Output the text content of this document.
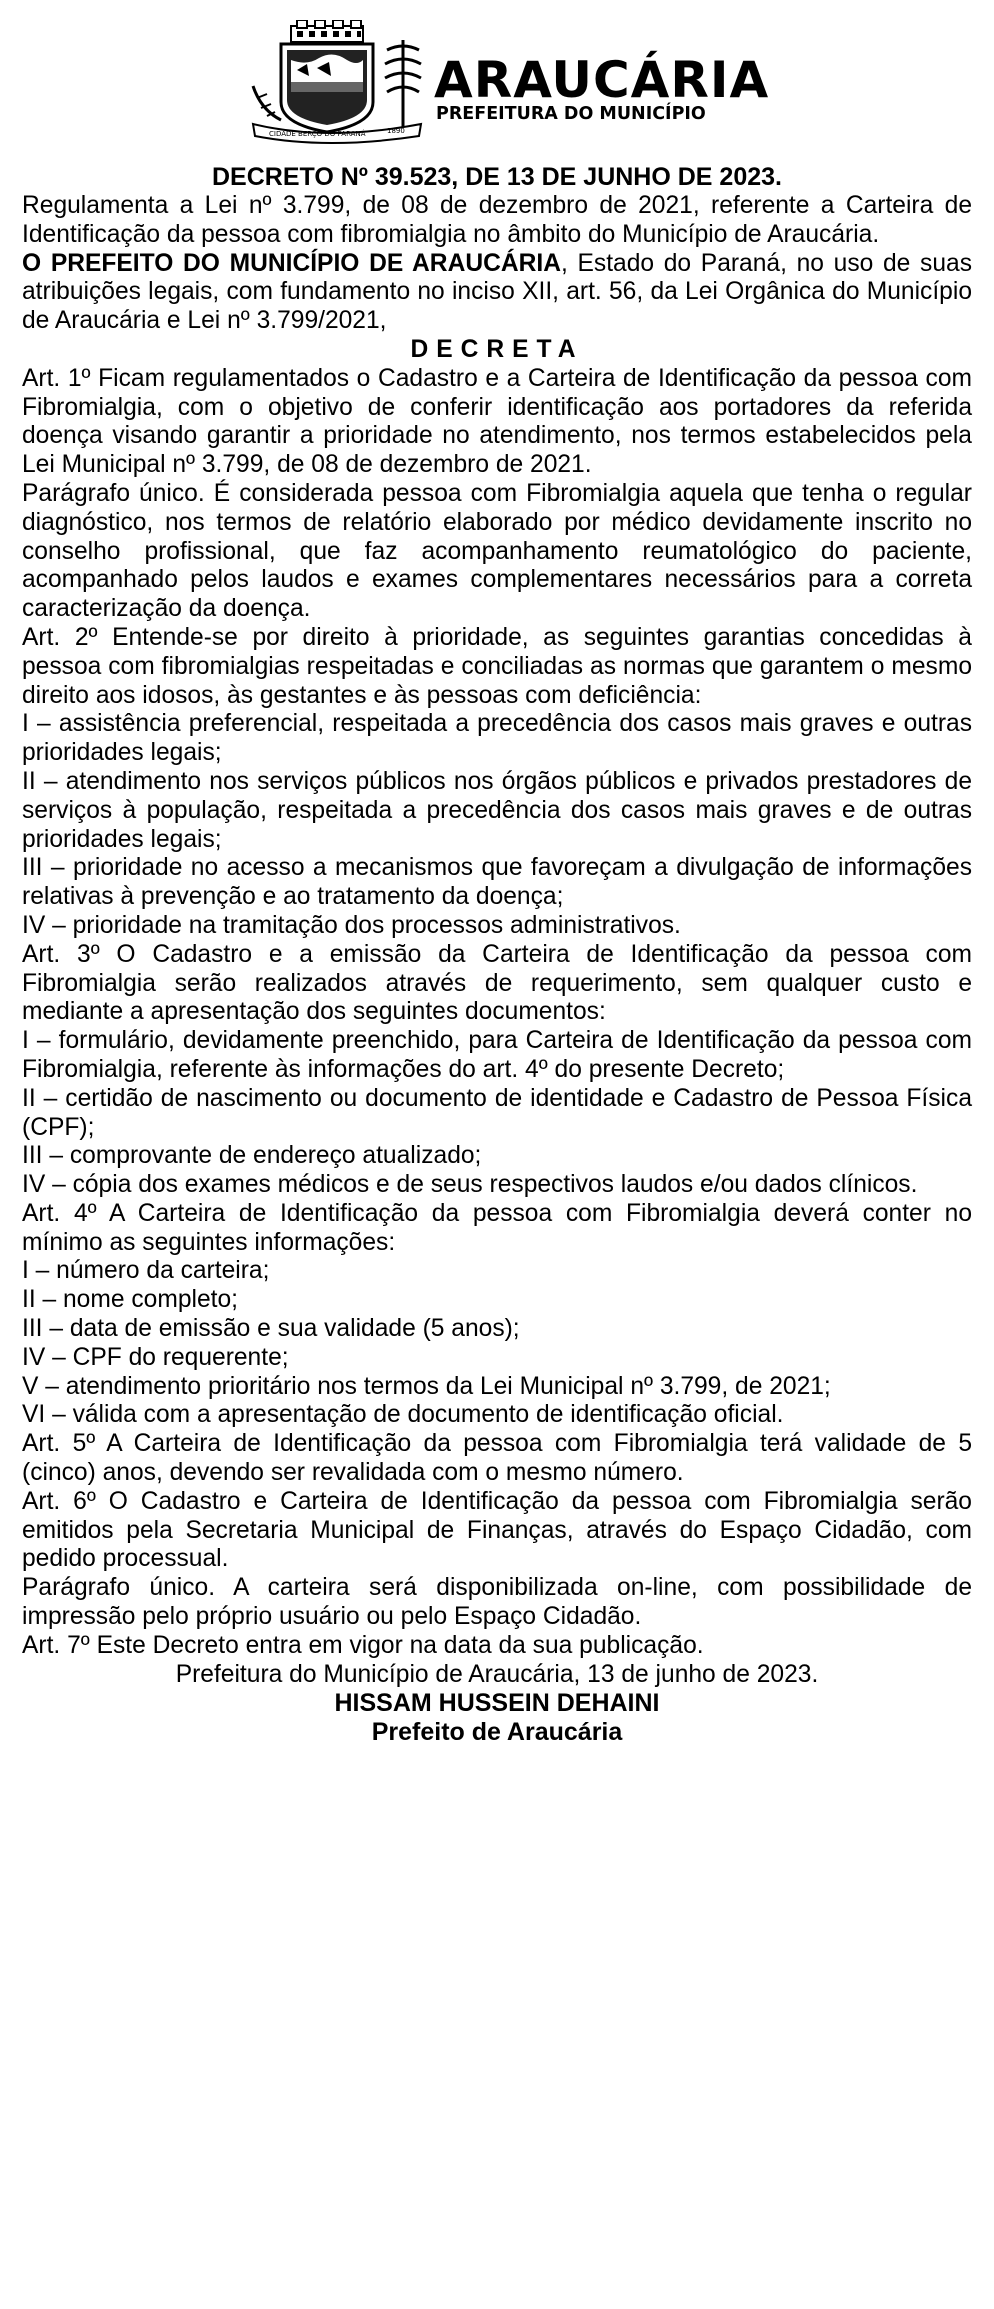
CIDADE BERÇO DO PARANÁ	1890
ARAUCÁRIA
PREFEITURA DO MUNICÍPIO
DECRETO Nº 39.523, DE 13 DE JUNHO DE 2023.

Regulamenta a Lei nº 3.799, de 08 de dezembro de 2021, referente a Carteira de Identificação da pessoa com fibromialgia no âmbito do Município de Araucária.

O PREFEITO DO MUNICÍPIO DE ARAUCÁRIA, Estado do Paraná, no uso de suas atribuições legais, com fundamento no inciso XII, art. 56, da Lei Orgânica do Município de Araucária e Lei nº 3.799/2021,

DECRETA

Art. 1º Ficam regulamentados o Cadastro e a Carteira de Identificação da pessoa com Fibromialgia, com o objetivo de conferir identificação aos portadores da referida doença visando garantir a prioridade no atendimento, nos termos estabelecidos pela Lei Municipal nº 3.799, de 08 de dezembro de 2021.

Parágrafo único. É considerada pessoa com Fibromialgia aquela que tenha o regular diagnóstico, nos termos de relatório elaborado por médico devidamente inscrito no conselho profissional, que faz acompanhamento reumatológico do paciente, acompanhado pelos laudos e exames complementares necessários para a correta caracterização da doença.

Art. 2º Entende-se por direito à prioridade, as seguintes garantias concedidas à pessoa com fibromialgias respeitadas e conciliadas as normas que garantem o mesmo direito aos idosos, às gestantes e às pessoas com deficiência:

I – assistência preferencial, respeitada a precedência dos casos mais graves e outras prioridades legais;

II – atendimento nos serviços públicos nos órgãos públicos e privados prestadores de serviços à população, respeitada a precedência dos casos mais graves e de outras prioridades legais;

III – prioridade no acesso a mecanismos que favoreçam a divulgação de informações relativas à prevenção e ao tratamento da doença;

IV – prioridade na tramitação dos processos administrativos.

Art. 3º O Cadastro e a emissão da Carteira de Identificação da pessoa com Fibromialgia serão realizados através de requerimento, sem qualquer custo e mediante a apresentação dos seguintes documentos:

I – formulário, devidamente preenchido, para Carteira de Identificação da pessoa com Fibromialgia, referente às informações do art. 4º do presente Decreto;

II – certidão de nascimento ou documento de identidade e Cadastro de Pessoa Física (CPF);

III – comprovante de endereço atualizado;

IV – cópia dos exames médicos e de seus respectivos laudos e/ou dados clínicos.

Art. 4º A Carteira de Identificação da pessoa com Fibromialgia deverá conter no mínimo as seguintes informações:

I – número da carteira;

II – nome completo;

III – data de emissão e sua validade (5 anos);

IV – CPF do requerente;

V – atendimento prioritário nos termos da Lei Municipal nº 3.799, de 2021;

VI – válida com a apresentação de documento de identificação oficial.

Art. 5º A Carteira de Identificação da pessoa com Fibromialgia terá validade de 5 (cinco) anos, devendo ser revalidada com o mesmo número.

Art. 6º O Cadastro e Carteira de Identificação da pessoa com Fibromialgia serão emitidos pela Secretaria Municipal de Finanças, através do Espaço Cidadão, com pedido processual.

Parágrafo único. A carteira será disponibilizada on-line, com possibilidade de impressão pelo próprio usuário ou pelo Espaço Cidadão.

Art. 7º Este Decreto entra em vigor na data da sua publicação.

Prefeitura do Município de Araucária, 13 de junho de 2023.
HISSAM HUSSEIN DEHAINI
Prefeito de Araucária
